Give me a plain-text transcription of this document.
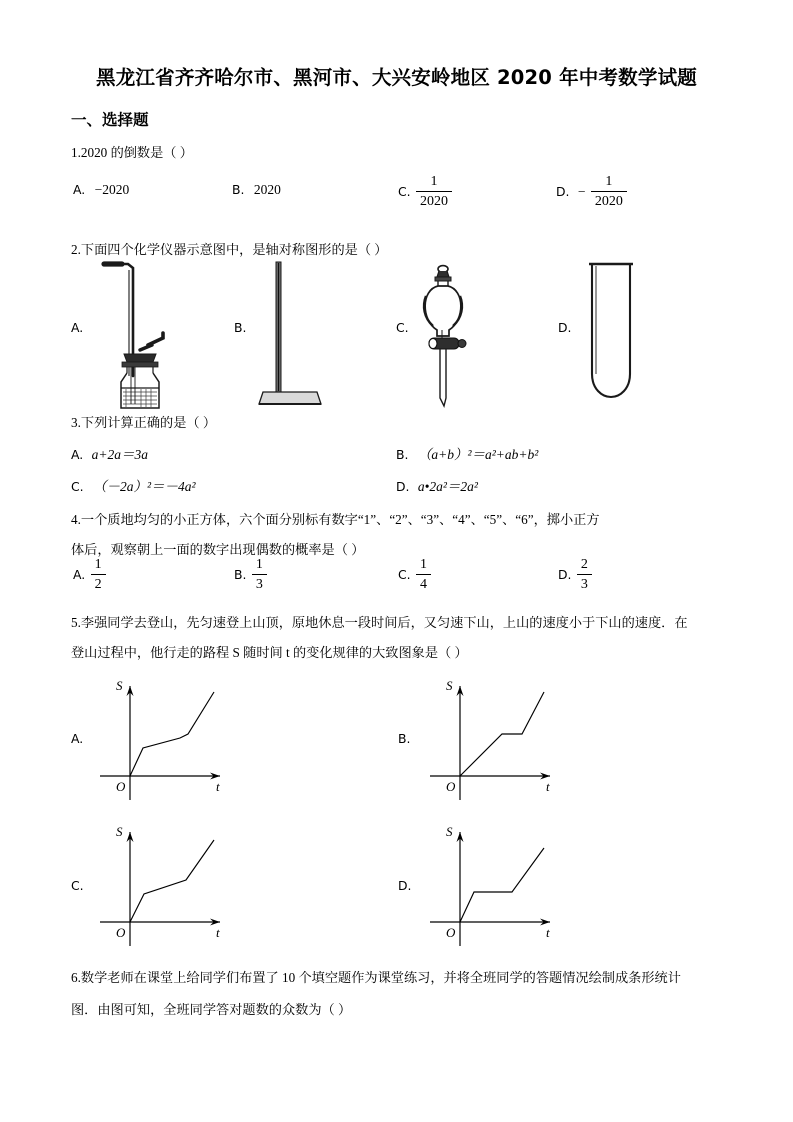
黑龙江省齐齐哈尔市、黑河市、大兴安岭地区 2020 年中考数学试题
一、选择题
1.2020 的倒数是（ ）
A. −2020	B. 2020	C. $\frac{1}{2020}$	D. − $\frac{1}{2020}$
2.下面四个化学仪器示意图中，是轴对称图形的是（ ）
A.	B.	C.	D.
3.下列计算正确的是（ ）
A. a+2a＝3a	B. （a+b）²＝a²+ab+b²
C. （－2a）²＝－4a²	D. a•2a²＝2a²
4.一个质地均匀的小正方体，六个面分别标有数字“1”、“2”、“3”、“4”、“5”、“6”，掷小正方
体后，观察朝上一面的数字出现偶数的概率是（ ）
A. $\frac{1}{2}$	B. $\frac{1}{3}$	C. $\frac{1}{4}$	D. $\frac{2}{3}$
5.李强同学去登山，先匀速登上山顶，原地休息一段时间后，又匀速下山，上山的速度小于下山的速度．在
登山过程中，他行走的路程 S 随时间 t 的变化规律的大致图象是（ ）
A.
S
O	t
B.
S
O	t
C.
S
O	t
D.
S
O	t
6.数学老师在课堂上给同学们布置了 10 个填空题作为课堂练习，并将全班同学的答题情况绘制成条形统计
图．由图可知，全班同学答对题数的众数为（ ）
